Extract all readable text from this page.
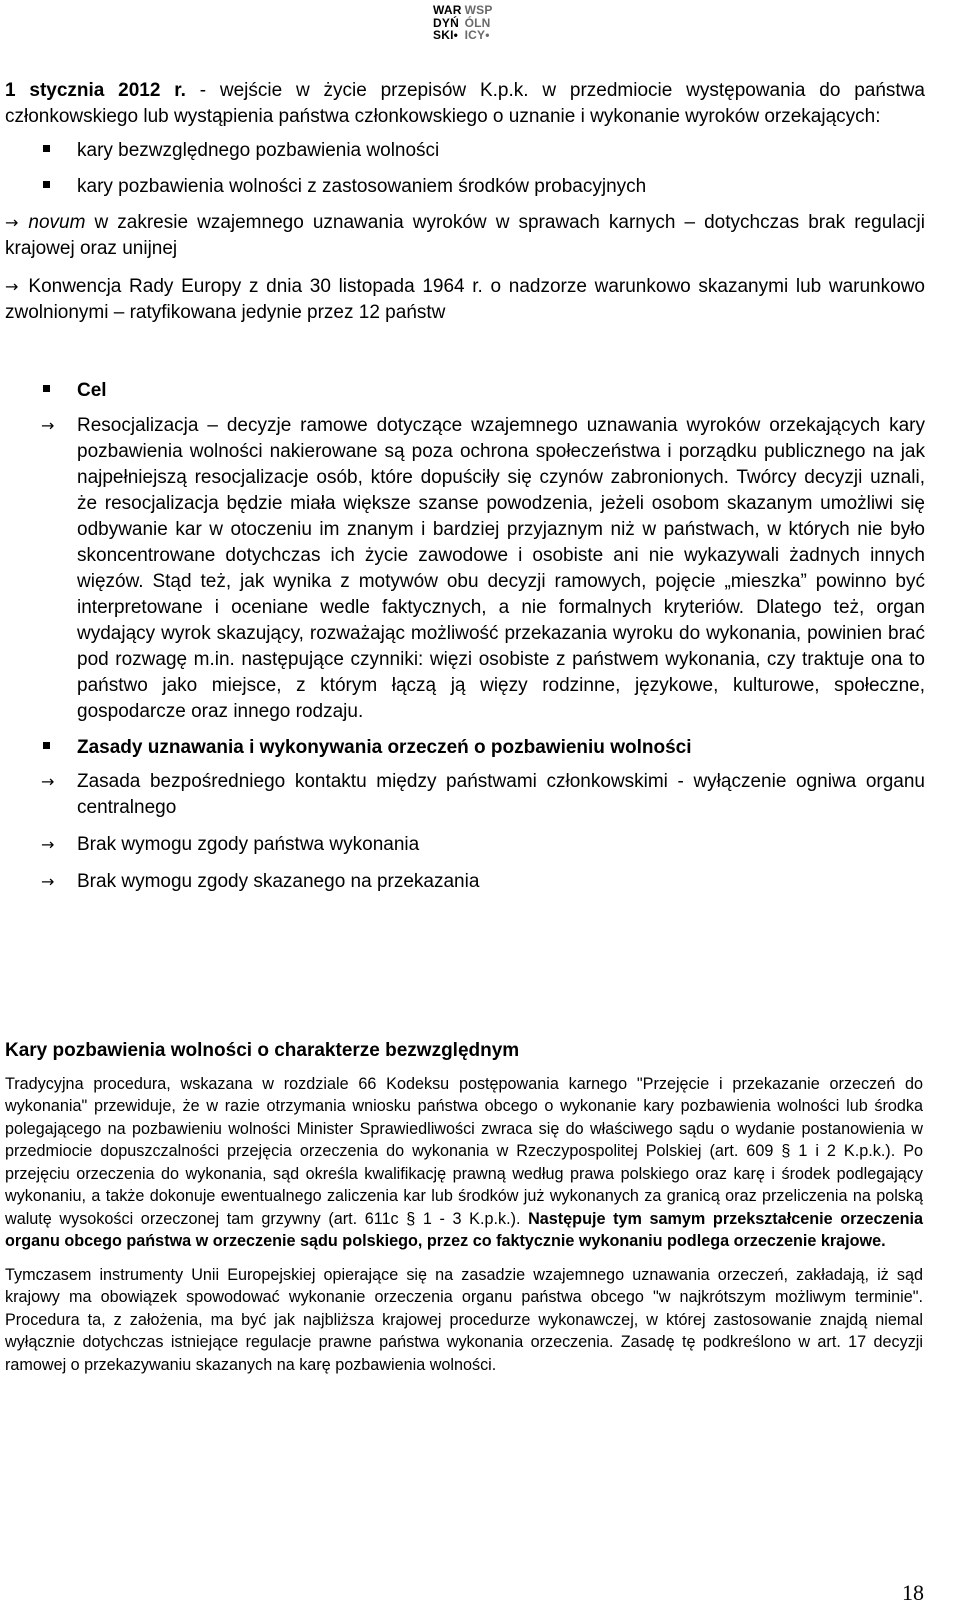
WAR
DYŃ
SKI•
WSP
ÓLN
ICY•

1 stycznia 2012 r. - wejście w życie przepisów K.p.k. w przedmiocie występowania do państwa członkowskiego lub wystąpienia państwa członkowskiego o uznanie i wykonanie wyroków orzekających:

kary bezwzględnego pozbawienia wolności
kary pozbawienia wolności z zastosowaniem środków probacyjnych

→ novum w zakresie wzajemnego uznawania wyroków w sprawach karnych – dotychczas brak regulacji krajowej oraz unijnej

→ Konwencja Rady Europy z dnia 30 listopada 1964 r. o nadzorze warunkowo skazanymi lub warunkowo zwolnionymi – ratyfikowana jedynie przez 12 państw

Cel
→	Resocjalizacja – decyzje ramowe dotyczące wzajemnego uznawania wyroków orzekających kary pozbawienia wolności nakierowane są poza ochrona społeczeństwa i porządku publicznego na jak najpełniejszą resocjalizacje osób, które dopuściły się czynów zabronionych. Twórcy decyzji uznali, że resocjalizacja będzie miała większe szanse powodzenia, jeżeli osobom skazanym umożliwi się odbywanie kar w otoczeniu im znanym i bardziej przyjaznym niż w państwach, w których nie było skoncentrowane dotychczas ich życie zawodowe i osobiste ani nie wykazywali żadnych innych więzów. Stąd też, jak wynika z motywów obu decyzji ramowych, pojęcie „mieszka” powinno być interpretowane i oceniane wedle faktycznych, a nie formalnych kryteriów. Dlatego też, organ wydający wyrok skazujący, rozważając możliwość przekazania wyroku do wykonania, powinien brać pod rozwagę m.in. następujące czynniki: więzi osobiste z państwem wykonania, czy traktuje ona to państwo jako miejsce, z którym łączą ją więzy rodzinne, językowe, kulturowe, społeczne, gospodarcze oraz innego rodzaju.
Zasady uznawania i wykonywania orzeczeń o pozbawieniu wolności
→	Zasada bezpośredniego kontaktu między państwami członkowskimi - wyłączenie ogniwa organu centralnego
→	Brak wymogu zgody państwa wykonania
→	Brak wymogu zgody skazanego na przekazania
Kary pozbawienia wolności o charakterze bezwzględnym

Tradycyjna procedura, wskazana w rozdziale 66 Kodeksu postępowania karnego "Przejęcie i przekazanie orzeczeń do wykonania" przewiduje, że w razie otrzymania wniosku państwa obcego o wykonanie kary pozbawienia wolności lub środka polegającego na pozbawieniu wolności Minister Sprawiedliwości zwraca się do właściwego sądu o wydanie postanowienia w przedmiocie dopuszczalności przejęcia orzeczenia do wykonania w Rzeczypospolitej Polskiej (art. 609 § 1 i 2 K.p.k.). Po przejęciu orzeczenia do wykonania, sąd określa kwalifikację prawną według prawa polskiego oraz karę i środek podlegający wykonaniu, a także dokonuje ewentualnego zaliczenia kar lub środków już wykonanych za granicą oraz przeliczenia na polską walutę wysokości orzeczonej tam grzywny (art. 611c § 1 - 3 K.p.k.). Następuje tym samym przekształcenie orzeczenia organu obcego państwa w orzeczenie sądu polskiego, przez co faktycznie wykonaniu podlega orzeczenie krajowe.

Tymczasem instrumenty Unii Europejskiej opierające się na zasadzie wzajemnego uznawania orzeczeń, zakładają, iż sąd krajowy ma obowiązek spowodować wykonanie orzeczenia organu państwa obcego "w najkrótszym możliwym terminie". Procedura ta, z założenia, ma być jak najbliższa krajowej procedurze wykonawczej, w której zastosowanie znajdą niemal wyłącznie dotychczas istniejące regulacje prawne państwa wykonania orzeczenia. Zasadę tę podkreślono w art. 17 decyzji ramowej o przekazywaniu skazanych na karę pozbawienia wolności.

18
